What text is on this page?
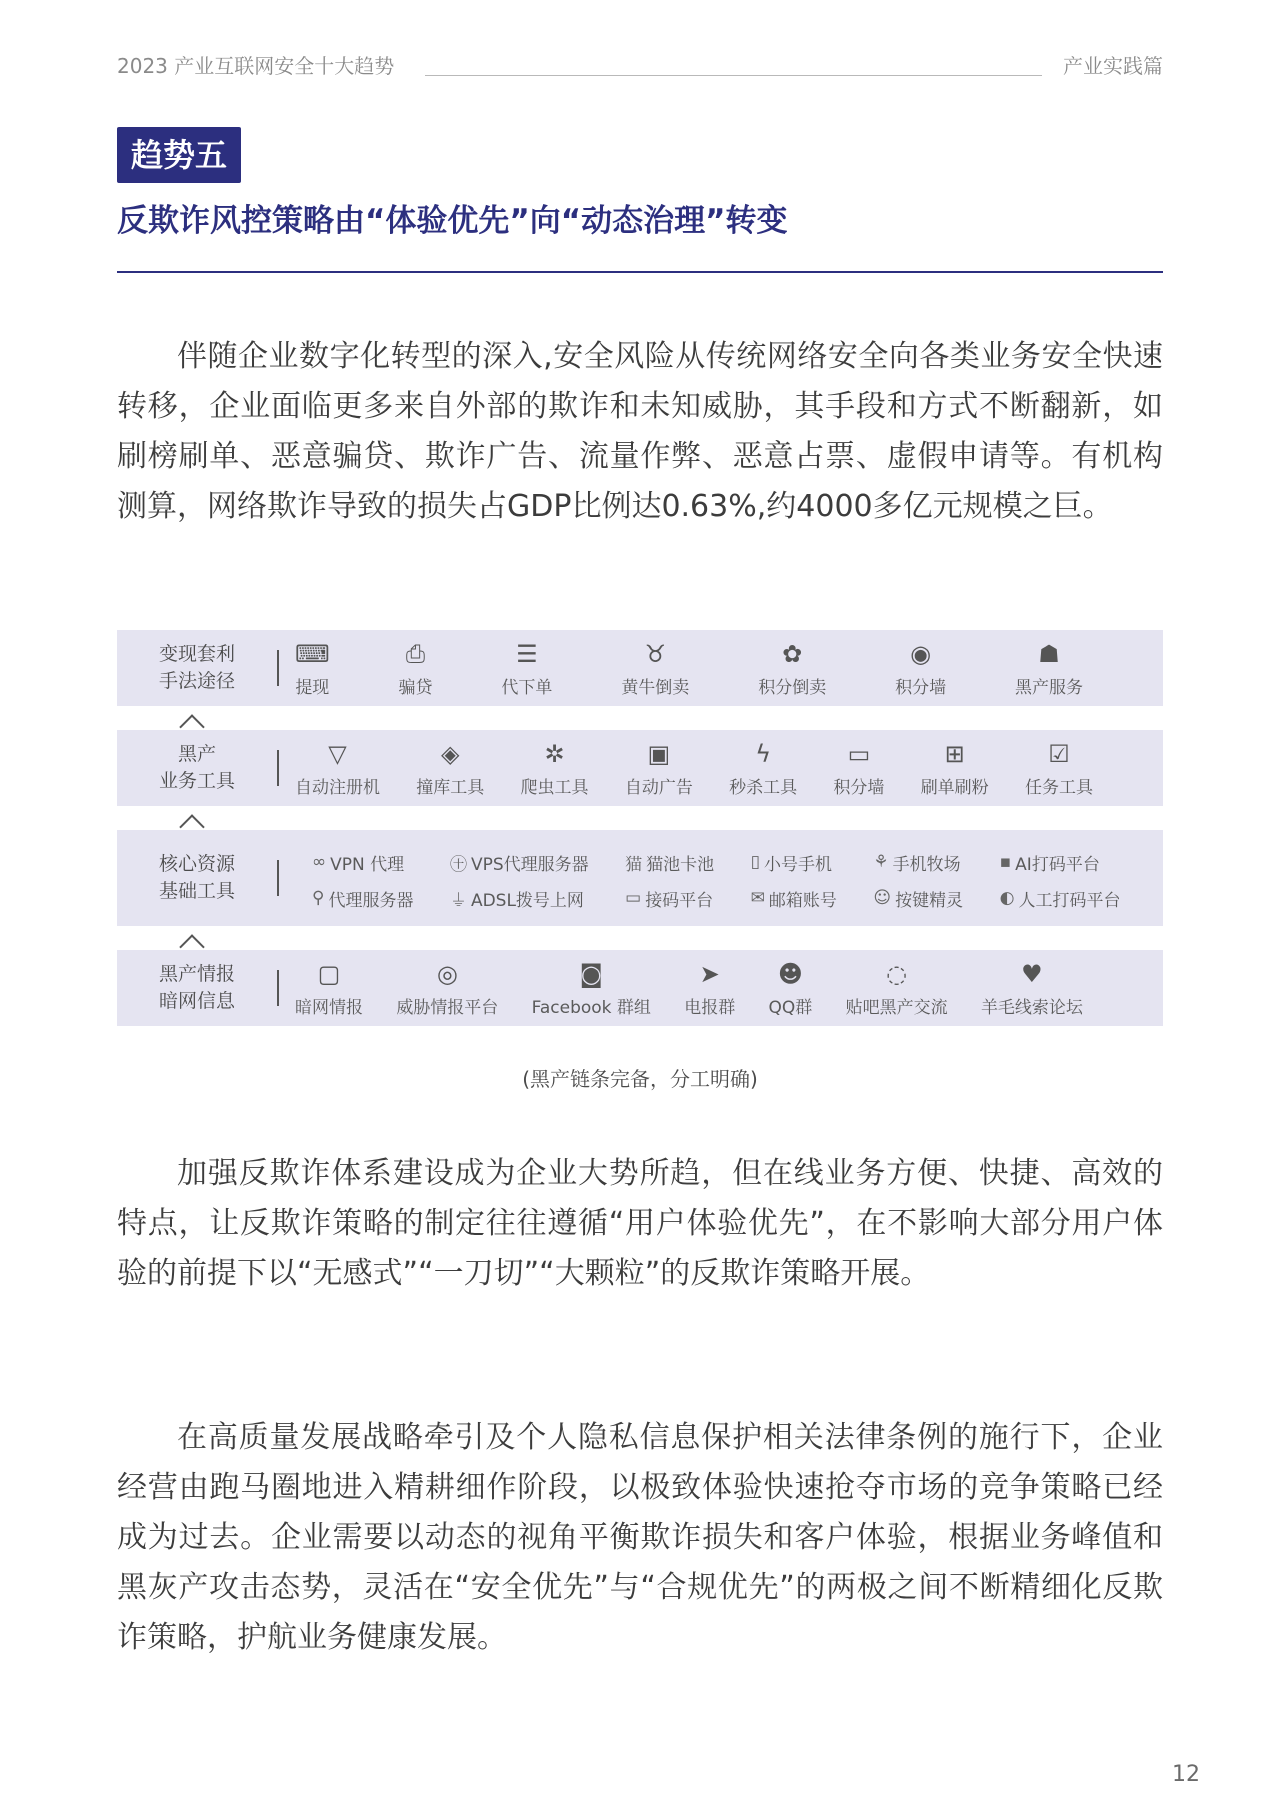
2023 产业互联网安全十大趋势	产业实践篇
趋势五
反欺诈风控策略由“体验优先”向“动态治理”转变

伴随企业数字化转型的深入,安全风险从传统网络安全向各类业务安全快速转移，企业面临更多来自外部的欺诈和未知威胁，其手段和方式不断翻新，如刷榜刷单、恶意骗贷、欺诈广告、流量作弊、恶意占票、虚假申请等。有机构测算，网络欺诈导致的损失占GDP比例达0.63%,约4000多亿元规模之巨。

变现套利
手法途径
⌨
提现
⎙
骗贷
☰
代下单
♉
黄牛倒卖
✿
积分倒卖
◉
积分墙
☗
黑产服务
黑产
业务工具
▽
自动注册机
◈
撞库工具
✲
爬虫工具
▣
自动广告
ϟ
秒杀工具
▭
积分墙
⊞
刷单刷粉
☑
任务工具
核心资源
基础工具
∞ VPN 代理	㊉ VPS代理服务器 猫 猫池卡池 ▯ 小号手机 ⚘ 手机牧场 ▪ AI打码平台
⚲ 代理服务器 ⏚ ADSL拨号上网 ▭ 接码平台 ✉ 邮箱账号 ☺ 按键精灵 ◐ 人工打码平台
黑产情报
暗网信息
▢
暗网情报
◎
威胁情报平台
◙
Facebook 群组
➤
电报群
☻
QQ群
◌
贴吧黑产交流
♥
羊毛线索论坛
(黑产链条完备，分工明确)

加强反欺诈体系建设成为企业大势所趋，但在线业务方便、快捷、高效的特点，让反欺诈策略的制定往往遵循“用户体验优先”，在不影响大部分用户体验的前提下以“无感式”“一刀切”“大颗粒”的反欺诈策略开展。

在高质量发展战略牵引及个人隐私信息保护相关法律条例的施行下，企业经营由跑马圈地进入精耕细作阶段，以极致体验快速抢夺市场的竞争策略已经成为过去。企业需要以动态的视角平衡欺诈损失和客户体验，根据业务峰值和黑灰产攻击态势，灵活在“安全优先”与“合规优先”的两极之间不断精细化反欺诈策略，护航业务健康发展。

12
